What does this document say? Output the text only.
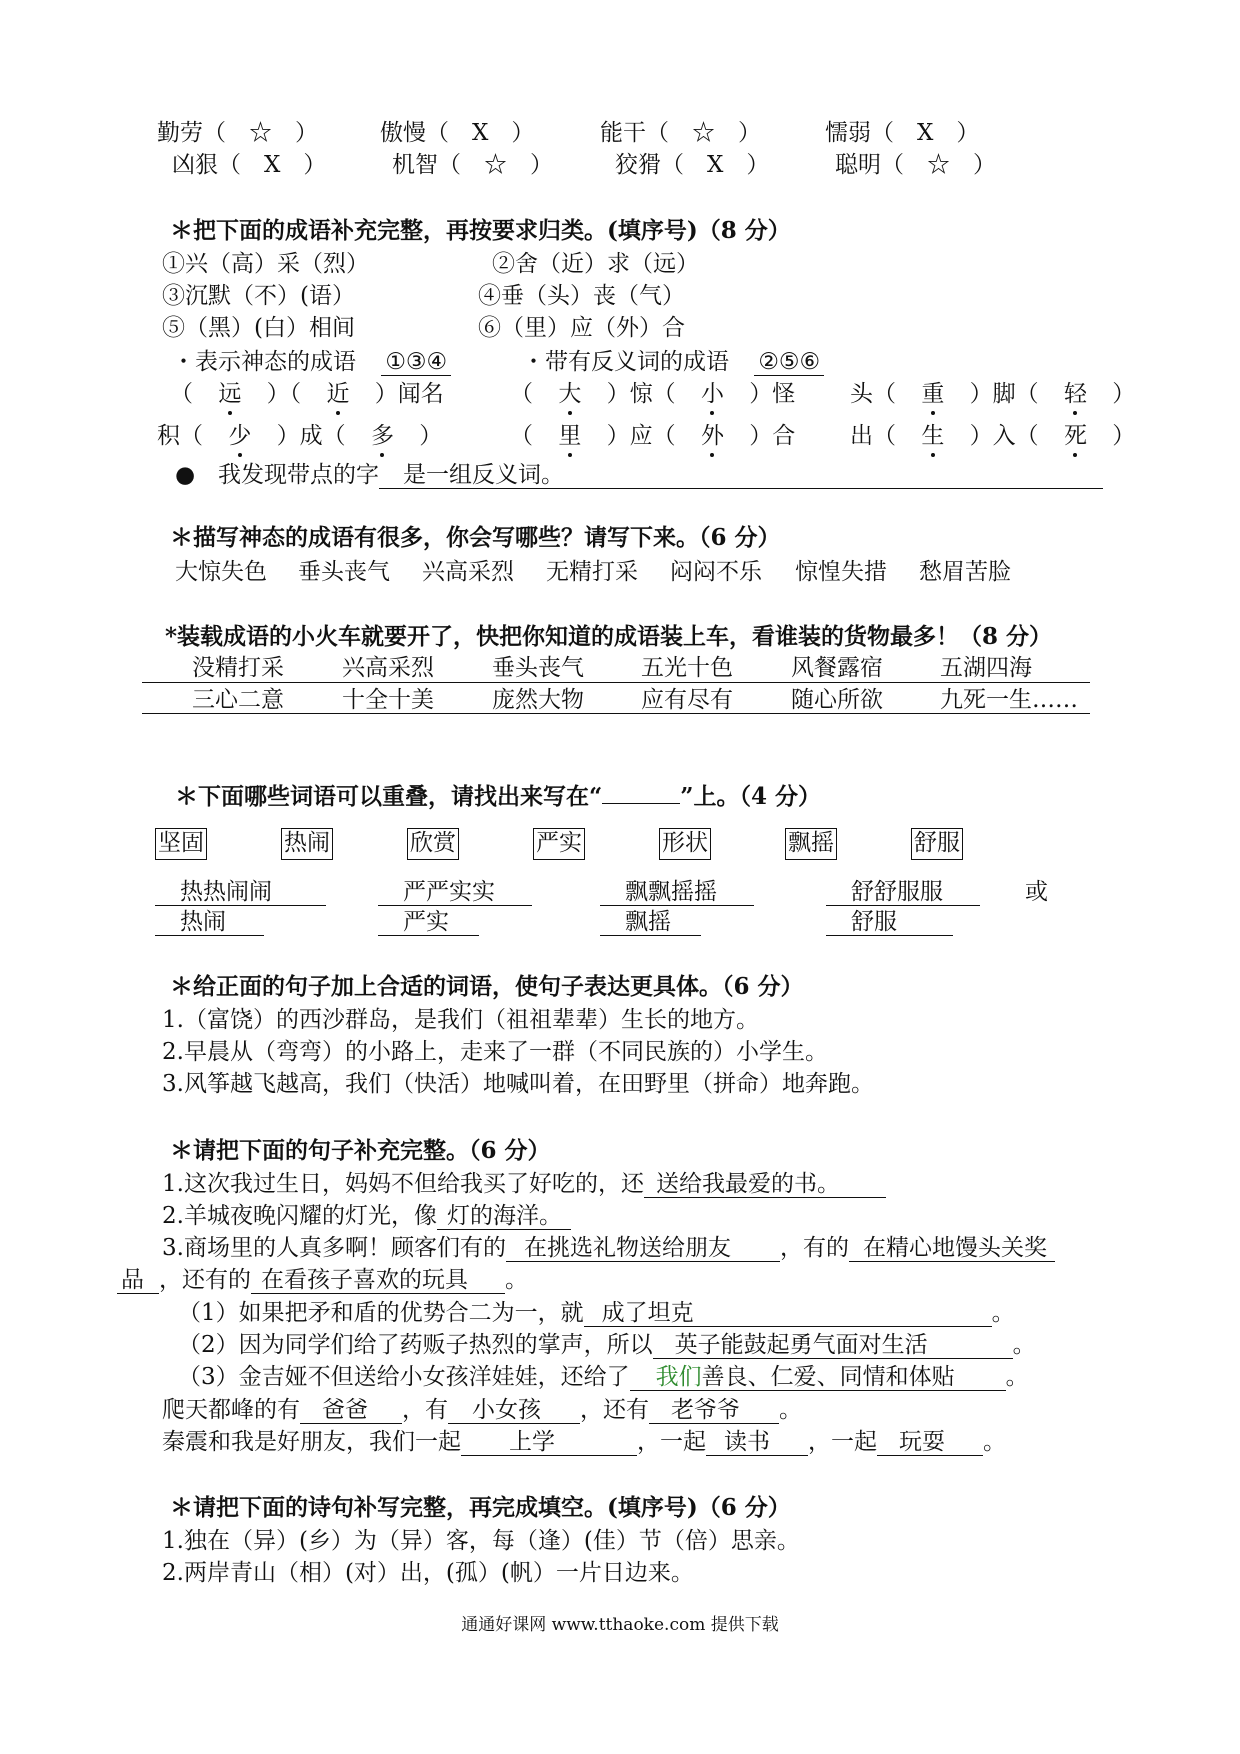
勤劳（　☆　）	傲慢（　X　）	能干（　☆　）	懦弱（　X　）
凶狠（　X　）	机智（　☆　）	狡猾（　X　）	聪明（　☆　）
＊把下面的成语补充完整，再按要求归类。(填序号)（8 分）
①兴（高）采（烈）	②舍（近）求（远）
③沉默（不）(语）	④垂（头）丧（气）
⑤（黑）(白）相间	⑥（里）应（外）合
・表示神态的成语 ①③④	・带有反义词的成语 ②⑤⑥
（ 远 ）（ 近 ）闻名	（ 大 ）惊（ 小 ）怪 头（ 重 ）脚（ 轻 ）
积（ 少 ）成（ 多 ）	（ 里 ）应（ 外 ）合 出（ 生 ）入（ 死 ）
● 我发现带点的字 是一组反义词。
＊描写神态的成语有很多，你会写哪些？请写下来。（6 分）
大惊失色 垂头丧气 兴高采烈 无精打采 闷闷不乐 惊惶失措 愁眉苦脸
*装载成语的小火车就要开了，快把你知道的成语装上车，看谁装的货物最多！（8 分）
没精打采	兴高采烈	垂头丧气 五光十色	风餐露宿 五湖四海
三心二意	十全十美	庞然大物 应有尽有	随心所欲 九死一生……
＊下面哪些词语可以重叠，请找出来写在“	”上。（4 分）
坚固	热闹	欣赏	严实	形状	飘摇	舒服
热热闹闹	严严实实	飘飘摇摇	舒舒服服	或
热闹	严实	飘摇	舒服
＊给正面的句子加上合适的词语，使句子表达更具体。（6 分）
1.（富饶）的西沙群岛，是我们（祖祖辈辈）生长的地方。
2.早晨从（弯弯）的小路上，走来了一群（不同民族的）小学生。
3.风筝越飞越高，我们（快活）地喊叫着，在田野里（拼命）地奔跑。
＊请把下面的句子补充完整。（6 分）
1.这次我过生日，妈妈不但给我买了好吃的，还 送给我最爱的书。
2.羊城夜晚闪耀的灯光，像 灯的海洋。
3.商场里的人真多啊！顾客们有的 在挑选礼物送给朋友 ，有的 在精心地馒头关奖
品 ，还有的 在看孩子喜欢的玩具 。
（1）如果把矛和盾的优势合二为一，就 成了坦克	。
（2）因为同学们给了药贩子热烈的掌声，所以 英子能鼓起勇气面对生活	。
（3）金吉娅不但送给小女孩洋娃娃，还给了 我们善良、仁爱、同情和体贴 。
爬天都峰的有 爸爸 ，有 小女孩 ，还有 老爷爷 。
秦震和我是好朋友，我们一起 上学	，一起 读书 ，一起 玩耍 。
＊请把下面的诗句补写完整，再完成填空。(填序号)（6 分）
1.独在（异）(乡）为（异）客，每（逢）(佳）节（倍）思亲。
2.两岸青山（相）(对）出，(孤）(帆）一片日边来。
通通好课网 www.tthaoke.com 提供下载
